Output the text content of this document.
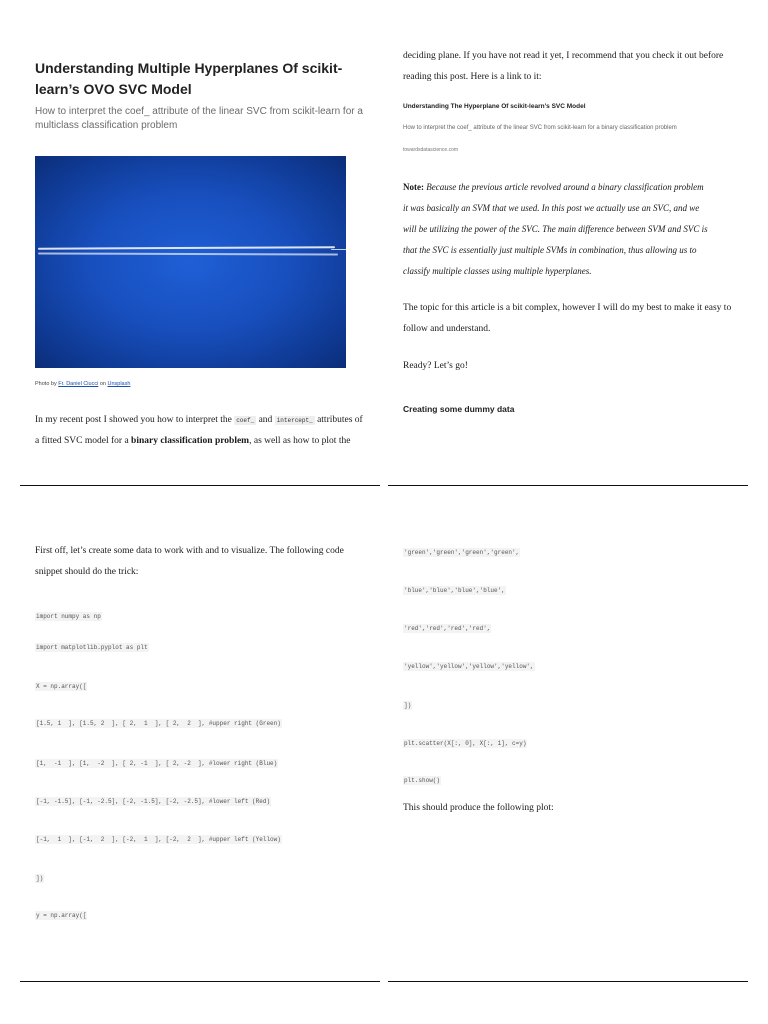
Understanding Multiple Hyperplanes Of scikit-learn’s OVO SVC Model

How to interpret the coef_ attribute of the linear SVC from scikit-learn for a multiclass classification problem

Photo by Fr. Daniel Ciucci on Unsplash

In my recent post I showed you how to interpret the coef_ and intercept_ attributes of
a fitted SVC model for a binary classification problem, as well as how to plot the

deciding plane. If you have not read it yet, I recommend that you check it out before
reading this post. Here is a link to it:

Understanding The Hyperplane Of scikit-learn’s SVC Model
How to interpret the coef_ attribute of the linear SVC from scikit-learn for a binary classification problem
towardsdatascience.com

Note: Because the previous article revolved around a binary classification problem
it was basically an SVM that we used. In this post we actually use an SVC, and we
will be utilizing the power of the SVC. The main difference between SVM and SVC is
that the SVC is essentially just multiple SVMs in combination, thus allowing us to
classify multiple classes using multiple hyperplanes.

The topic for this article is a bit complex, however I will do my best to make it easy to
follow and understand.

Ready? Let’s go!

Creating some dummy data

First off, let’s create some data to work with and to visualize. The following code
snippet should do the trick:

import numpy as np
import matplotlib.pyplot as plt
X = np.array([
[1.5, 1  ], [1.5, 2  ], [ 2,  1  ], [ 2,  2  ], #upper right (Green)
[1,  -1  ], [1,  -2  ], [ 2, -1  ], [ 2, -2  ], #lower right (Blue)
[-1, -1.5], [-1, -2.5], [-2, -1.5], [-2, -2.5], #lower left (Red)
[-1,  1  ], [-1,  2  ], [-2,  1  ], [-2,  2  ], #upper left (Yellow)
])
y = np.array([
'green','green','green','green',
'blue','blue','blue','blue',
'red','red','red','red',
'yellow','yellow','yellow','yellow',
])
plt.scatter(X[:, 0], X[:, 1], c=y)
plt.show()

This should produce the following plot:
